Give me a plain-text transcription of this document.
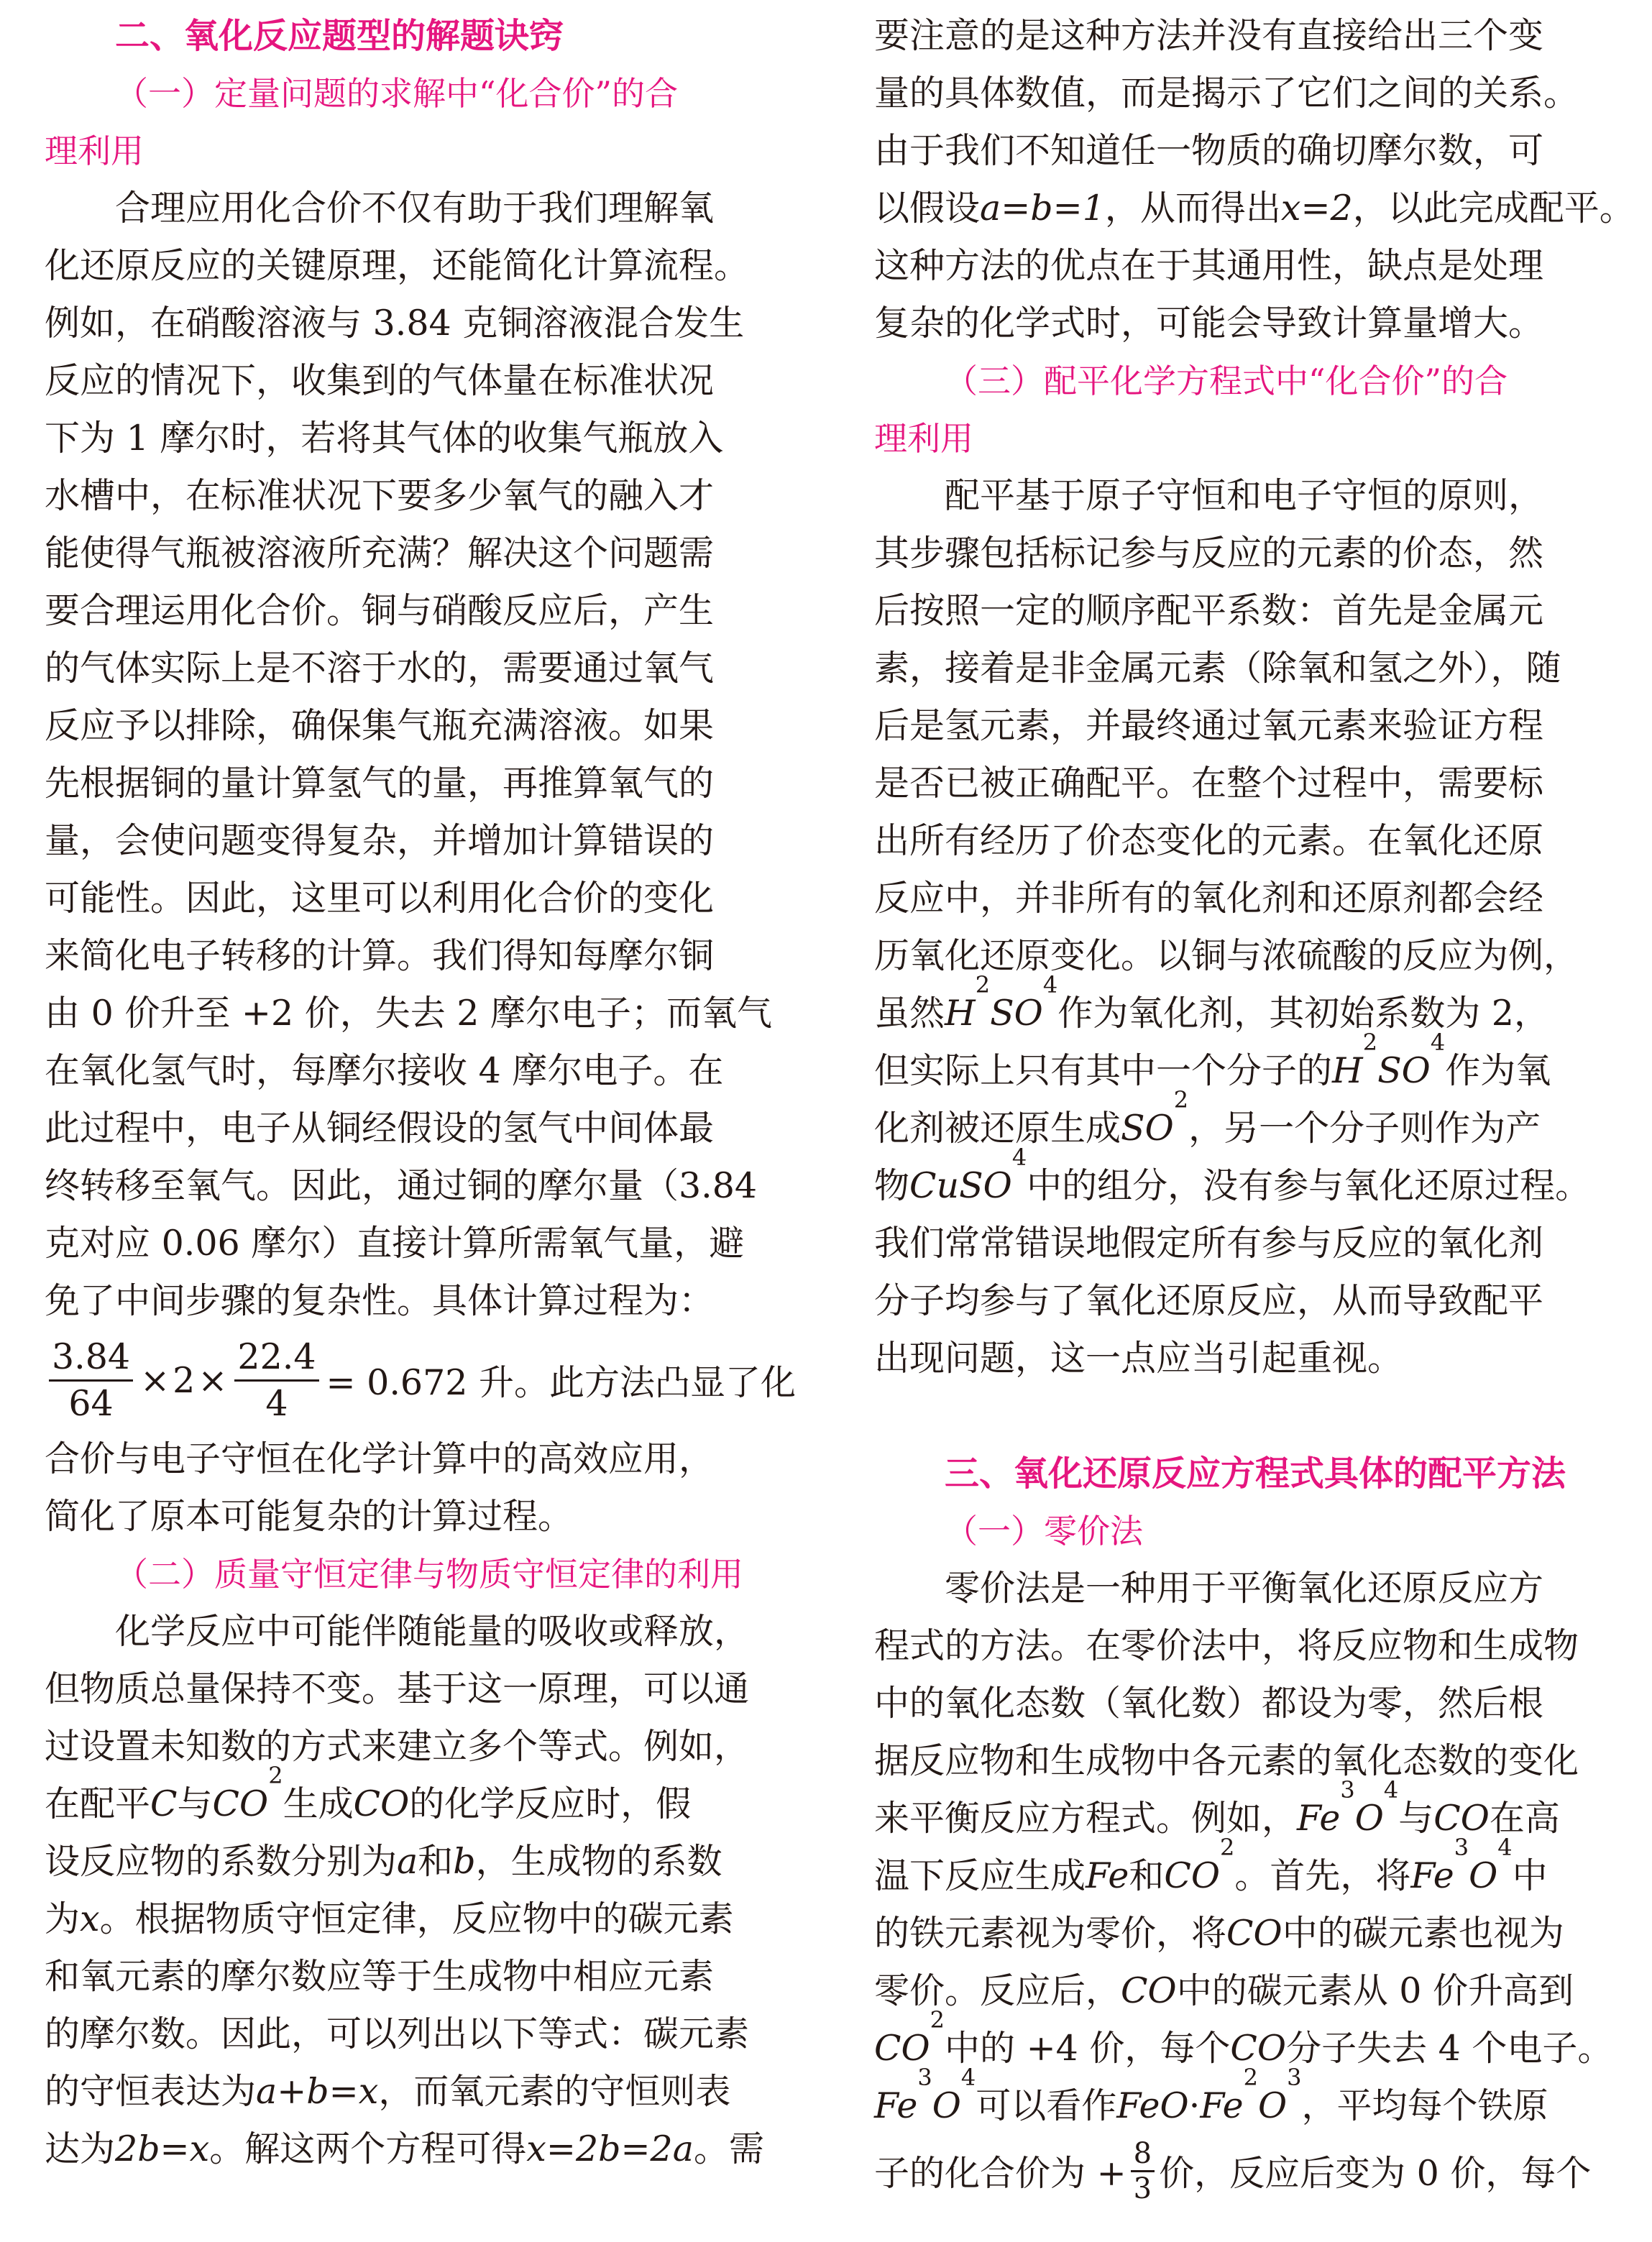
二、氧化反应题型的解题诀窍
（一）定量问题的求解中“化合价”的合
理利用
合理应用化合价不仅有助于我们理解氧
化还原反应的关键原理，还能简化计算流程。
例如，在硝酸溶液与 3.84 克铜溶液混合发生
反应的情况下，收集到的气体量在标准状况
下为 1 摩尔时，若将其气体的收集气瓶放入
水槽中，在标准状况下要多少氧气的融入才
能使得气瓶被溶液所充满？解决这个问题需
要合理运用化合价。铜与硝酸反应后，产生
的气体实际上是不溶于水的，需要通过氧气
反应予以排除，确保集气瓶充满溶液。如果
先根据铜的量计算氢气的量，再推算氧气的
量，会使问题变得复杂，并增加计算错误的
可能性。因此，这里可以利用化合价的变化
来简化电子转移的计算。我们得知每摩尔铜
由 0 价升至 +2 价，失去 2 摩尔电子；而氧气
在氧化氢气时，每摩尔接收 4 摩尔电子。在
此过程中，电子从铜经假设的氢气中间体最
终转移至氧气。因此，通过铜的摩尔量（3.84
克对应 0.06 摩尔）直接计算所需氧气量，避
免了中间步骤的复杂性。具体计算过程为：
$\frac{3.84}{64} \times 2 \times \frac{22.4}{4} = 0.672$ 升。此方法凸显了化
合价与电子守恒在化学计算中的高效应用，
简化了原本可能复杂的计算过程。
（二）质量守恒定律与物质守恒定律的利用
化学反应中可能伴随能量的吸收或释放，
但物质总量保持不变。基于这一原理，可以通
过设置未知数的方式来建立多个等式。例如，
在配平 C 与 CO
2
生成 CO 的化学反应时，假
设反应物的系数分别为 a 和 b ，生成物的系数
为 x 。根据物质守恒定律，反应物中的碳元素
和氧元素的摩尔数应等于生成物中相应元素
的摩尔数。因此，可以列出以下等式：碳元素
的守恒表达为 a+b=x ，而氧元素的守恒则表
达为 2b=x 。解这两个方程可得 x=2b=2a 。需
要注意的是这种方法并没有直接给出三个变
量的具体数值，而是揭示了它们之间的关系。
由于我们不知道任一物质的确切摩尔数，可
以假设 a=b=1 ，从而得出 x=2 ，以此完成配平。
这种方法的优点在于其通用性，缺点是处理
复杂的化学式时，可能会导致计算量增大。
（三）配平化学方程式中“化合价”的合
理利用
配平基于原子守恒和电子守恒的原则，
其步骤包括标记参与反应的元素的价态，然
后按照一定的顺序配平系数：首先是金属元
素，接着是非金属元素（除氧和氢之外），随
后是氢元素，并最终通过氧元素来验证方程
是否已被正确配平。在整个过程中，需要标
出所有经历了价态变化的元素。在氧化还原
反应中，并非所有的氧化剂和还原剂都会经
历氧化还原变化。以铜与浓硫酸的反应为例，
虽然 H
2
SO
4
作为氧化剂，其初始系数为 2，
但实际上只有其中一个分子的 H
2
SO
4
作为氧
化剂被还原生成 SO
2
，另一个分子则作为产
物 CuSO
4
中的组分，没有参与氧化还原过程。
我们常常错误地假定所有参与反应的氧化剂
分子均参与了氧化还原反应，从而导致配平
出现问题，这一点应当引起重视。
三、氧化还原反应方程式具体的配平方法
（一）零价法
零价法是一种用于平衡氧化还原反应方
程式的方法。在零价法中，将反应物和生成物
中的氧化态数（氧化数）都设为零，然后根
据反应物和生成物中各元素的氧化态数的变化
来平衡反应方程式。例如， Fe
3
O
4
与 CO 在高
温下反应生成 Fe 和 CO
2
。首先，将 Fe
3
O
4
中
的铁元素视为零价，将 CO 中的碳元素也视为
零价。反应后， CO 中的碳元素从 0 价升高到
CO
2
中的 +4 价，每个 CO 分子失去 4 个电子。
Fe
3
O
4
可以看作 FeO · Fe
2
O
3
，平均每个铁原
子的化合价为 + $\frac{8}{3}$ 价，反应后变为 0 价，每个
